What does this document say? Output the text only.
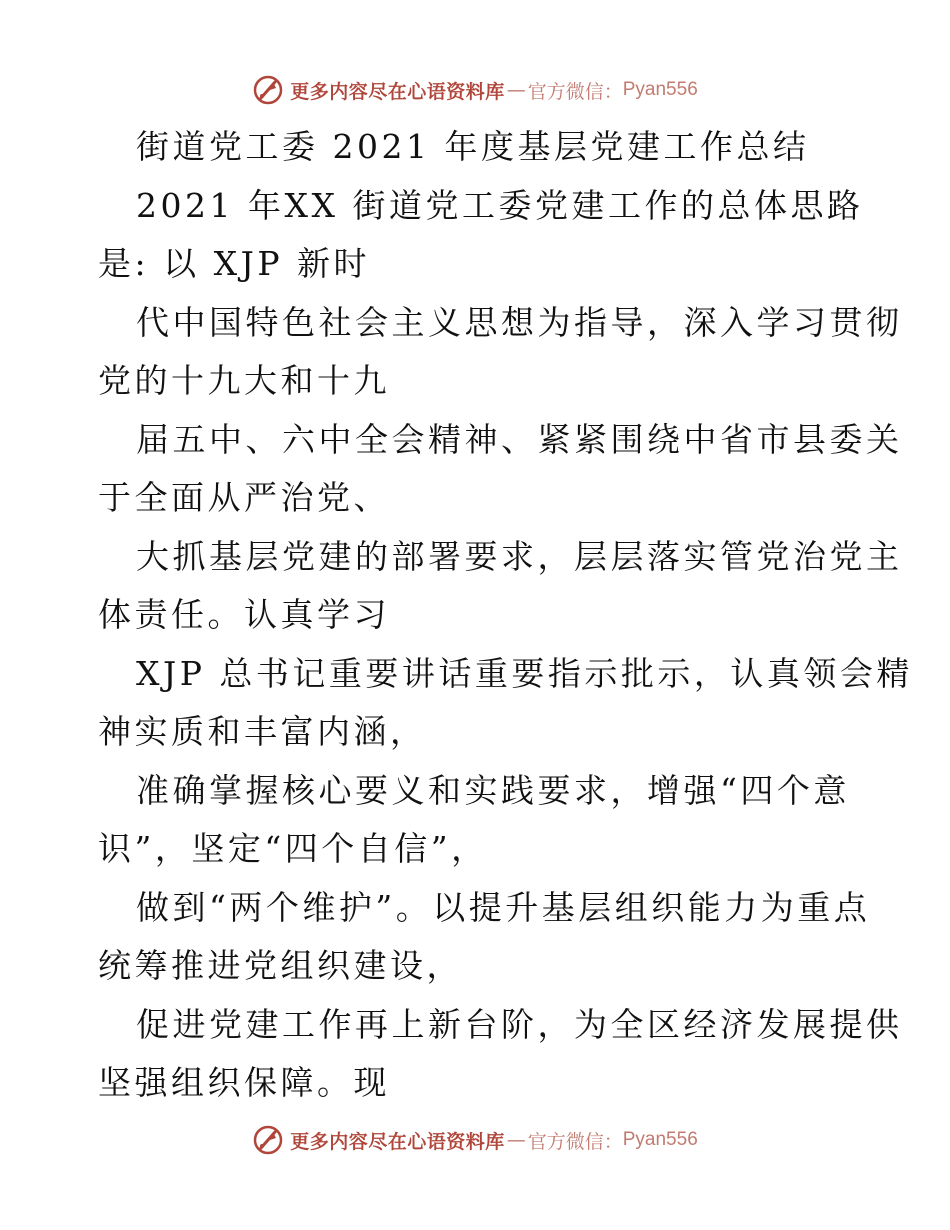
更多内容尽在心语资料库 — 官方微信： Pyan556
街道党工委 2021 年度基层党建工作总结
2021 年XX 街道党工委党建工作的总体思路
是: 以 XJP 新时
代中国特色社会主义思想为指导，深入学习贯彻
党的十九大和十九
届五中、六中全会精神、紧紧围绕中省市县委关
于全面从严治党、
大抓基层党建的部署要求，层层落实管党治党主
体责任。认真学习
XJP 总书记重要讲话重要指示批示，认真领会精
神实质和丰富内涵，
准确掌握核心要义和实践要求，增强“四个意
识”，坚定“四个自信”，
做到“两个维护”。以提升基层组织能力为重点
统筹推进党组织建设，
促进党建工作再上新台阶，为全区经济发展提供
坚强组织保障。现
更多内容尽在心语资料库 — 官方微信： Pyan556
